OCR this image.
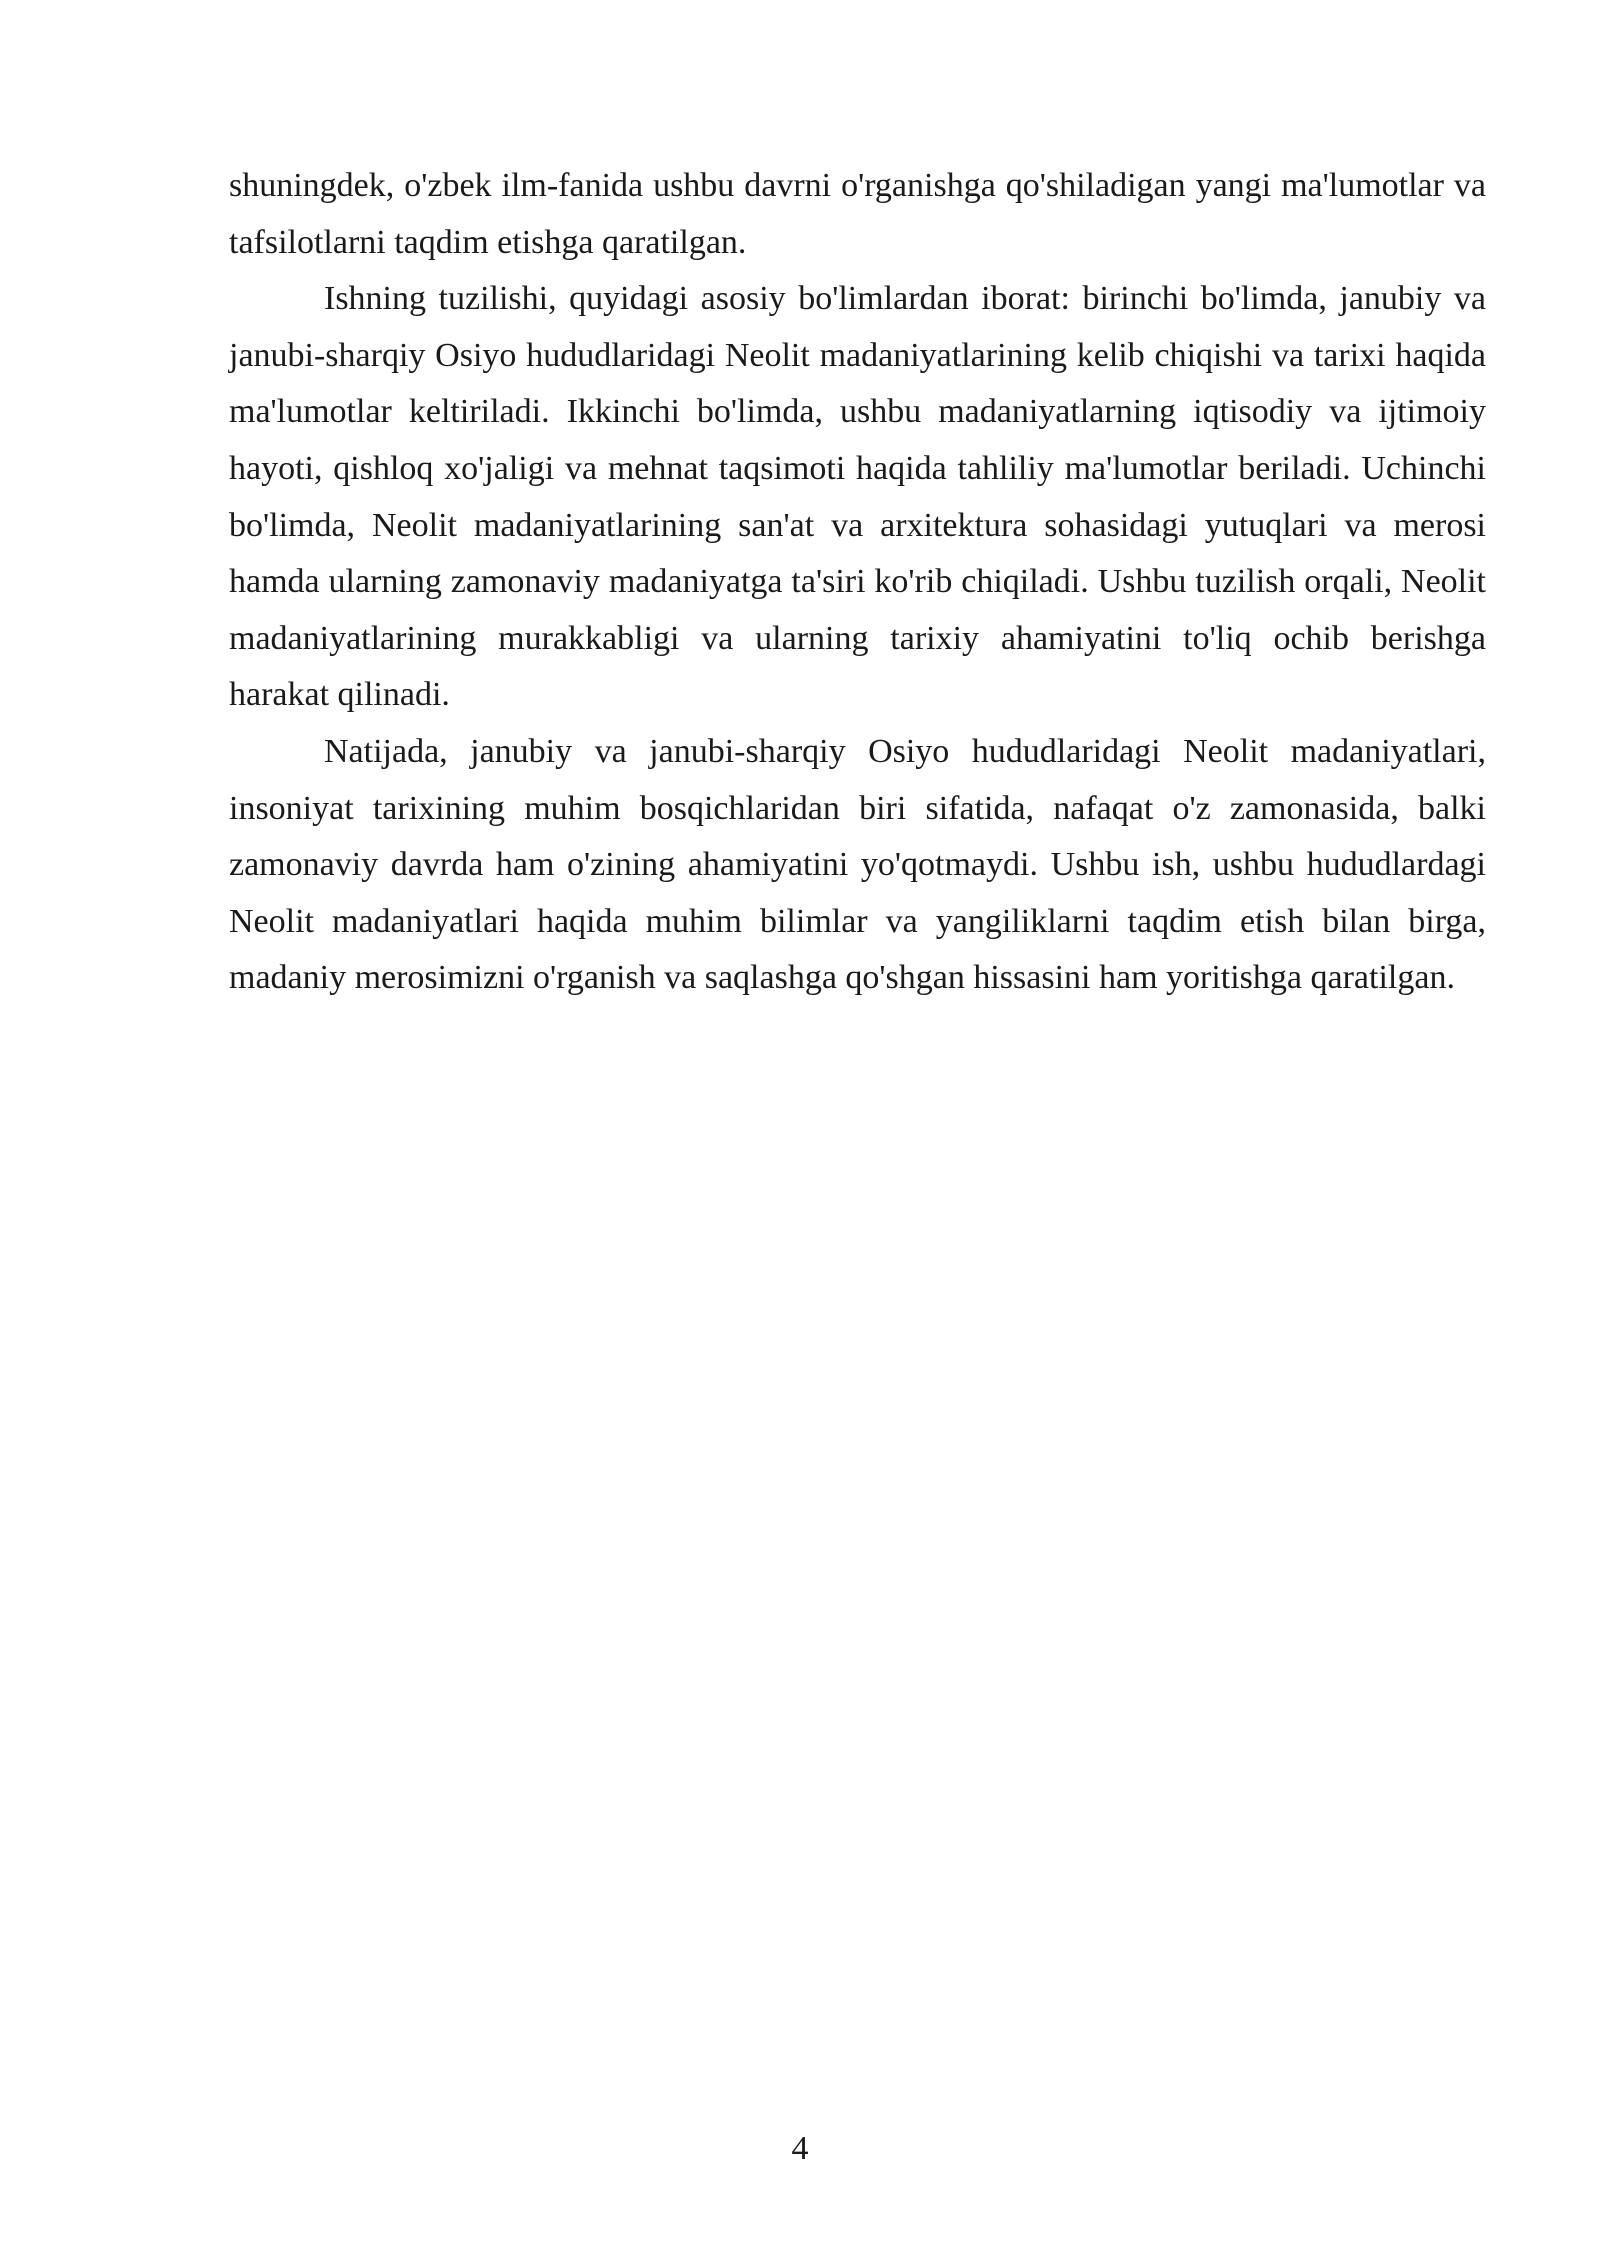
shuningdek, o'zbek ilm-fanida ushbu davrni o'rganishga qo'shiladigan yangi ma'lumotlar va tafsilotlarni taqdim etishga qaratilgan.

Ishning tuzilishi, quyidagi asosiy bo'limlardan iborat: birinchi bo'limda, janubiy va janubi-sharqiy Osiyo hududlaridagi Neolit madaniyatlarining kelib chiqishi va tarixi haqida ma'lumotlar keltiriladi. Ikkinchi bo'limda, ushbu madaniyatlarning iqtisodiy va ijtimoiy hayoti, qishloq xo'jaligi va mehnat taqsimoti haqida tahliliy ma'lumotlar beriladi. Uchinchi bo'limda, Neolit madaniyatlarining san'at va arxitektura sohasidagi yutuqlari va merosi hamda ularning zamonaviy madaniyatga ta'siri ko'rib chiqiladi. Ushbu tuzilish orqali, Neolit madaniyatlarining murakkabligi va ularning tarixiy ahamiyatini to'liq ochib berishga harakat qilinadi.

Natijada, janubiy va janubi-sharqiy Osiyo hududlaridagi Neolit madaniyatlari, insoniyat tarixining muhim bosqichlaridan biri sifatida, nafaqat o'z zamonasida, balki zamonaviy davrda ham o'zining ahamiyatini yo'qotmaydi. Ushbu ish, ushbu hududlardagi Neolit madaniyatlari haqida muhim bilimlar va yangiliklarni taqdim etish bilan birga, madaniy merosimizni o'rganish va saqlashga qo'shgan hissasini ham yoritishga qaratilgan.

4
